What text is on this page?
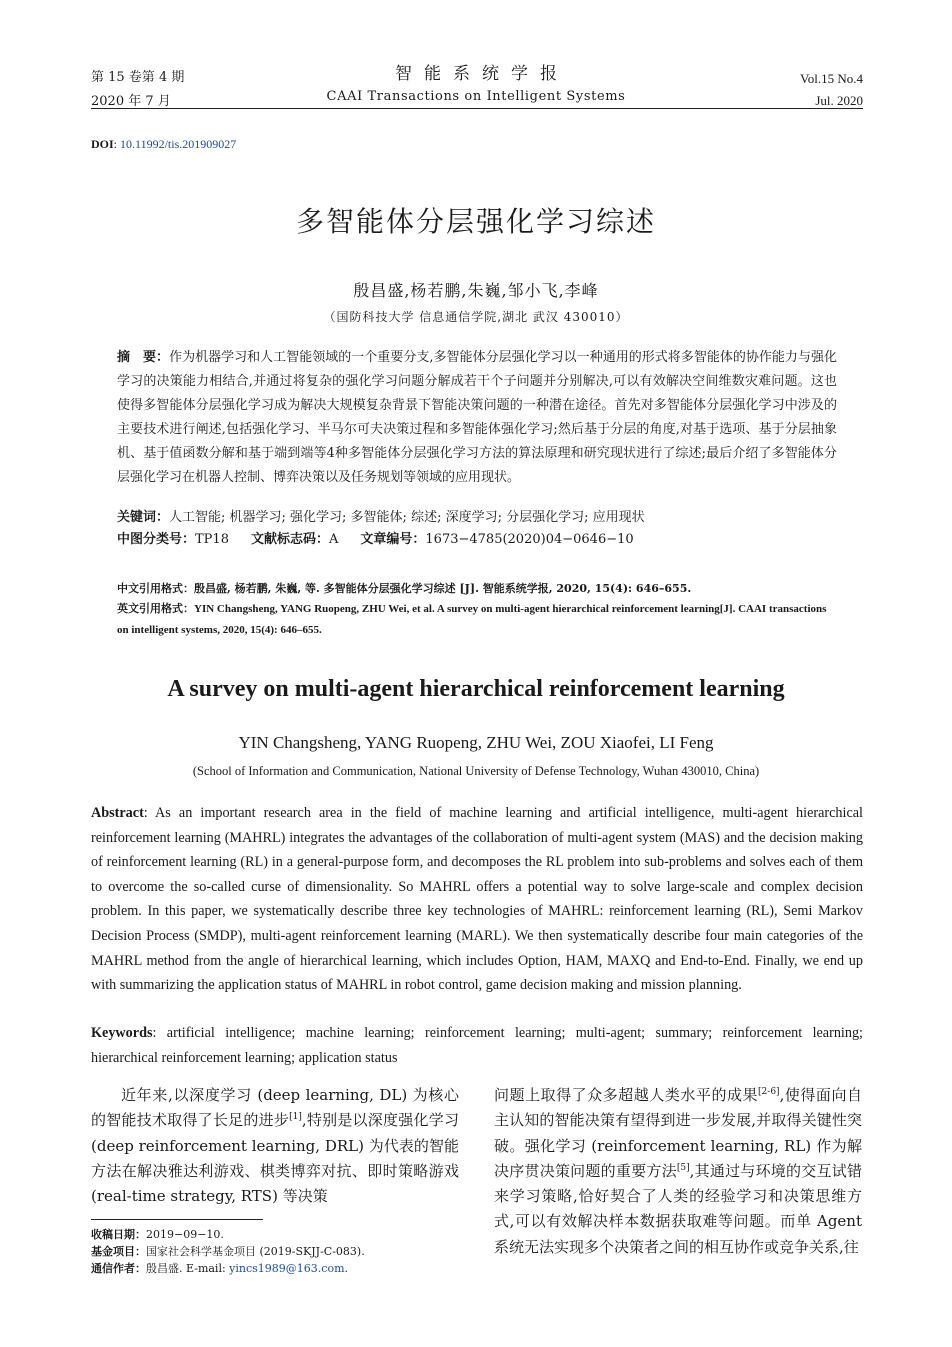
第 15 卷第 4 期
2020 年 7 月
智能系统学报
CAAI Transactions on Intelligent Systems
Vol.15 No.4
Jul. 2020
DOI: 10.11992/tis.201909027
多智能体分层强化学习综述
殷昌盛,杨若鹏,朱巍,邹小飞,李峰
（国防科技大学 信息通信学院,湖北 武汉 430010）
摘　要：作为机器学习和人工智能领域的一个重要分支,多智能体分层强化学习以一种通用的形式将多智能体的协作能力与强化学习的决策能力相结合,并通过将复杂的强化学习问题分解成若干个子问题并分别解决,可以有效解决空间维数灾难问题。这也使得多智能体分层强化学习成为解决大规模复杂背景下智能决策问题的一种潜在途径。首先对多智能体分层强化学习中涉及的主要技术进行阐述,包括强化学习、半马尔可夫决策过程和多智能体强化学习;然后基于分层的角度,对基于选项、基于分层抽象机、基于值函数分解和基于端到端等4种多智能体分层强化学习方法的算法原理和研究现状进行了综述;最后介绍了多智能体分层强化学习在机器人控制、博弈决策以及任务规划等领域的应用现状。
关键词：人工智能; 机器学习; 强化学习; 多智能体; 综述; 深度学习; 分层强化学习; 应用现状
中图分类号：TP18 文献标志码：A 文章编号：1673−4785(2020)04−0646−10
中文引用格式：殷昌盛, 杨若鹏, 朱巍, 等. 多智能体分层强化学习综述 [J]. 智能系统学报, 2020, 15(4): 646–655.
英文引用格式：YIN Changsheng, YANG Ruopeng, ZHU Wei, et al. A survey on multi-agent hierarchical reinforcement learning[J]. CAAI transactions on intelligent systems, 2020, 15(4): 646–655.
A survey on multi-agent hierarchical reinforcement learning
YIN Changsheng, YANG Ruopeng, ZHU Wei, ZOU Xiaofei, LI Feng
(School of Information and Communication, National University of Defense Technology, Wuhan 430010, China)
Abstract: As an important research area in the field of machine learning and artificial intelligence, multi-agent hierarchical reinforcement learning (MAHRL) integrates the advantages of the collaboration of multi-agent system (MAS) and the decision making of reinforcement learning (RL) in a general-purpose form, and decomposes the RL problem into sub-problems and solves each of them to overcome the so-called curse of dimensionality. So MAHRL offers a potential way to solve large-scale and complex decision problem. In this paper, we systematically describe three key technologies of MAHRL: reinforcement learning (RL), Semi Markov Decision Process (SMDP), multi-agent reinforcement learning (MARL). We then systematically describe four main categories of the MAHRL method from the angle of hierarchical learning, which includes Option, HAM, MAXQ and End-to-End. Finally, we end up with summarizing the application status of MAHRL in robot control, game decision making and mission planning.
Keywords: artificial intelligence; machine learning; reinforcement learning; multi-agent; summary; reinforcement learning; hierarchical reinforcement learning; application status
近年来,以深度学习 (deep learning, DL) 为核心的智能技术取得了长足的进步[1],特别是以深度强化学习 (deep reinforcement learning, DRL) 为代表的智能方法在解决雅达利游戏、棋类博弈对抗、即时策略游戏 (real-time strategy, RTS) 等决策
问题上取得了众多超越人类水平的成果[2-6],使得面向自主认知的智能决策有望得到进一步发展,并取得关键性突破。强化学习 (reinforcement learning, RL) 作为解决序贯决策问题的重要方法[5],其通过与环境的交互试错来学习策略,恰好契合了人类的经验学习和决策思维方式,可以有效解决样本数据获取难等问题。而单 Agent 系统无法实现多个决策者之间的相互协作或竞争关系,往
收稿日期：2019−09−10.
基金项目：国家社会科学基金项目 (2019-SKJJ-C-083).
通信作者：殷昌盛. E-mail: yincs1989@163.com.
